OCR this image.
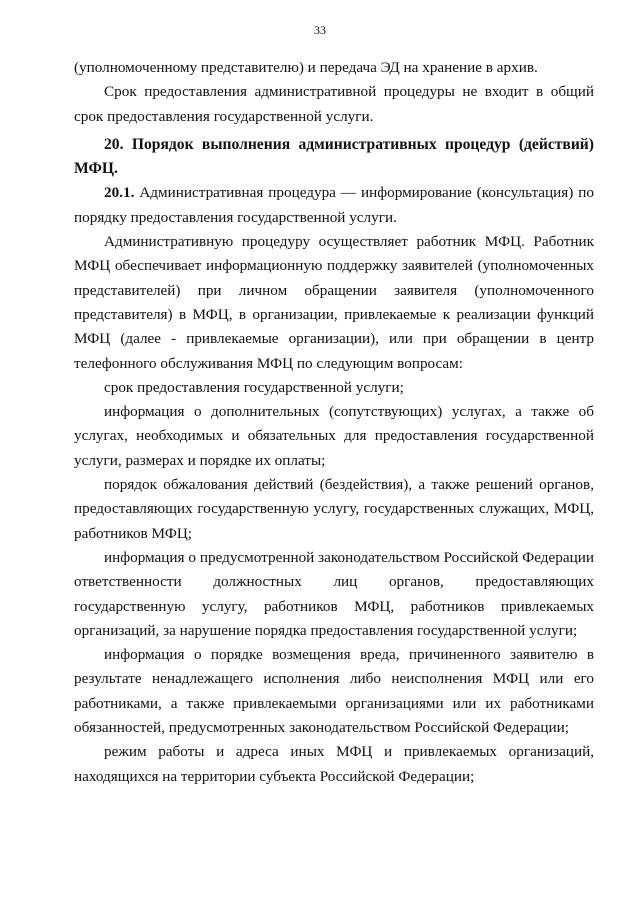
33

(уполномоченному представителю) и передача ЭД на хранение в архив.

Срок предоставления административной процедуры не входит в общий срок предоставления государственной услуги.

20. Порядок выполнения административных процедур (действий) МФЦ.

20.1. Административная процедура — информирование (консультация) по порядку предоставления государственной услуги.

Административную процедуру осуществляет работник МФЦ. Работник МФЦ обеспечивает информационную поддержку заявителей (уполномоченных представителей) при личном обращении заявителя (уполномоченного представителя) в МФЦ, в организации, привлекаемые к реализации функций МФЦ (далее - привлекаемые организации), или при обращении в центр телефонного обслуживания МФЦ по следующим вопросам:

срок предоставления государственной услуги;

информация о дополнительных (сопутствующих) услугах, а также об услугах, необходимых и обязательных для предоставления государственной услуги, размерах и порядке их оплаты;

порядок обжалования действий (бездействия), а также решений органов, предоставляющих государственную услугу, государственных служащих, МФЦ, работников МФЦ;

информация о предусмотренной законодательством Российской Федерации ответственности должностных лиц органов, предоставляющих государственную услугу, работников МФЦ, работников привлекаемых организаций, за нарушение порядка предоставления государственной услуги;

информация о порядке возмещения вреда, причиненного заявителю в результате ненадлежащего исполнения либо неисполнения МФЦ или его работниками, а также привлекаемыми организациями или их работниками обязанностей, предусмотренных законодательством Российской Федерации;

режим работы и адреса иных МФЦ и привлекаемых организаций, находящихся на территории субъекта Российской Федерации;
